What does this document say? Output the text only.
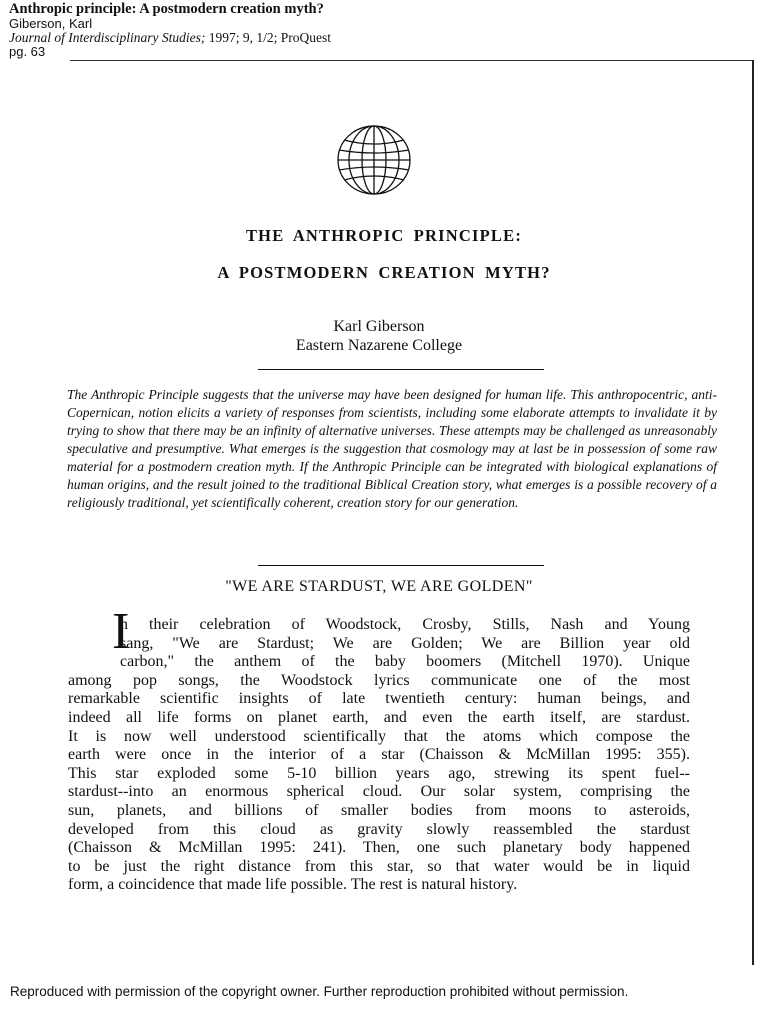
Anthropic principle: A postmodern creation myth?
Giberson, Karl
Journal of Interdisciplinary Studies; 1997; 9, 1/2; ProQuest
pg. 63
THE ANTHROPIC PRINCIPLE:
A POSTMODERN CREATION MYTH?
Karl Giberson
Eastern Nazarene College

The Anthropic Principle suggests that the universe may have been designed for human life. This anthropocentric, anti-Copernican, notion elicits a variety of responses from scientists, including some elaborate attempts to invalidate it by trying to show that there may be an infinity of alternative universes. These attempts may be challenged as unreasonably speculative and presumptive. What emerges is the suggestion that cosmology may at last be in possession of some raw material for a postmodern creation myth. If the Anthropic Principle can be integrated with biological explanations of human origins, and the result joined to the traditional Biblical Creation story, what emerges is a possible recovery of a religiously traditional, yet scientifically coherent, creation story for our generation.

"WE ARE STARDUST, WE ARE GOLDEN"
I
n their celebration of Woodstock, Crosby, Stills, Nash and Young
sang, "We are Stardust; We are Golden; We are Billion year old
carbon," the anthem of the baby boomers (Mitchell 1970). Unique
among pop songs, the Woodstock lyrics communicate one of the most
remarkable scientific insights of late twentieth century: human beings, and
indeed all life forms on planet earth, and even the earth itself, are stardust.
It is now well understood scientifically that the atoms which compose the
earth were once in the interior of a star (Chaisson & McMillan 1995: 355).
This star exploded some 5-10 billion years ago, strewing its spent fuel--
stardust--into an enormous spherical cloud. Our solar system, comprising the
sun, planets, and billions of smaller bodies from moons to asteroids,
developed from this cloud as gravity slowly reassembled the stardust
(Chaisson & McMillan 1995: 241). Then, one such planetary body happened
to be just the right distance from this star, so that water would be in liquid
form, a coincidence that made life possible. The rest is natural history.
Reproduced with permission of the copyright owner. Further reproduction prohibited without permission.
